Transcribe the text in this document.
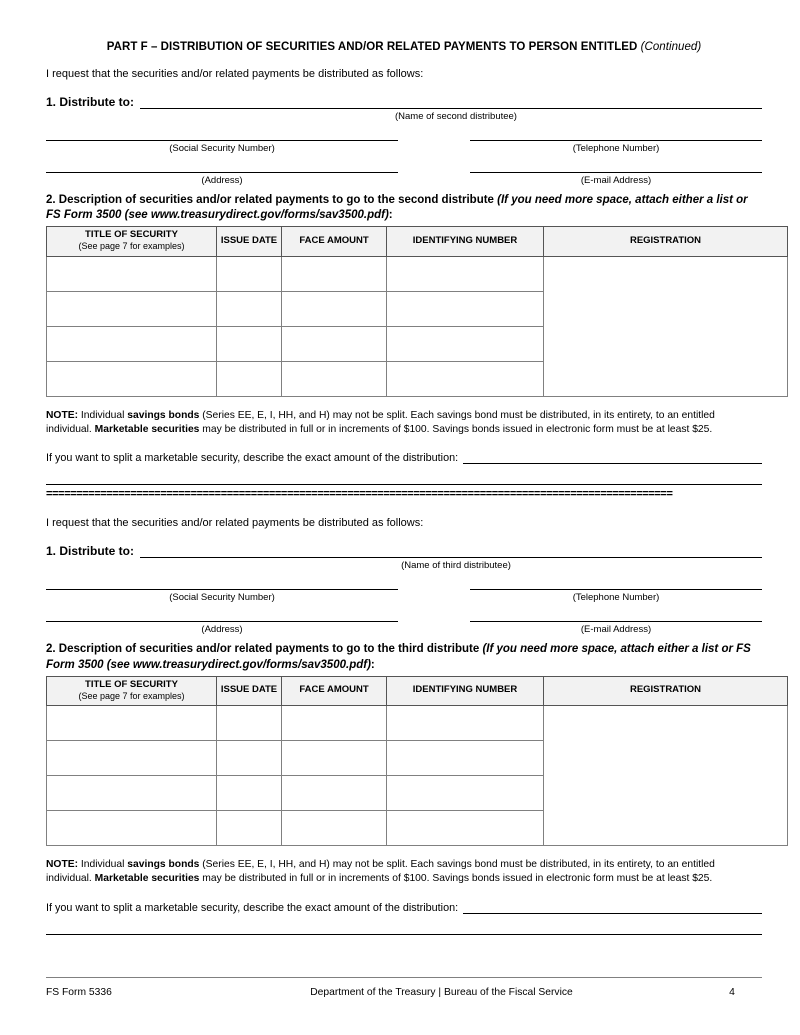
PART F – DISTRIBUTION OF SECURITIES AND/OR RELATED PAYMENTS TO PERSON ENTITLED (Continued)
I request that the securities and/or related payments be distributed as follows:
1. Distribute to:
(Name of second distributee)
(Social Security Number)	(Telephone Number)
(Address)	(E-mail Address)
2. Description of securities and/or related payments to go to the second distribute (If you need more space, attach either a list or FS Form 3500 (see www.treasurydirect.gov/forms/sav3500.pdf):
TITLE OF SECURITY
(See page 7 for examples)	ISSUE DATE	FACE AMOUNT	IDENTIFYING NUMBER	REGISTRATION

NOTE: Individual savings bonds (Series EE, E, I, HH, and H) may not be split. Each savings bond must be distributed, in its entirety, to an entitled individual. Marketable securities may be distributed in full or in increments of $100. Savings bonds issued in electronic form must be at least $25.
If you want to split a marketable security, describe the exact amount of the distribution:
========================================================================================================
I request that the securities and/or related payments be distributed as follows:
1. Distribute to:
(Name of third distributee)
(Social Security Number)	(Telephone Number)
(Address)	(E-mail Address)
2. Description of securities and/or related payments to go to the third distribute (If you need more space, attach either a list or FS Form 3500 (see www.treasurydirect.gov/forms/sav3500.pdf):
TITLE OF SECURITY
(See page 7 for examples)	ISSUE DATE	FACE AMOUNT	IDENTIFYING NUMBER	REGISTRATION

NOTE: Individual savings bonds (Series EE, E, I, HH, and H) may not be split. Each savings bond must be distributed, in its entirety, to an entitled individual. Marketable securities may be distributed in full or in increments of $100. Savings bonds issued in electronic form must be at least $25.
If you want to split a marketable security, describe the exact amount of the distribution:
FS Form 5336	Department of the Treasury | Bureau of the Fiscal Service	4
